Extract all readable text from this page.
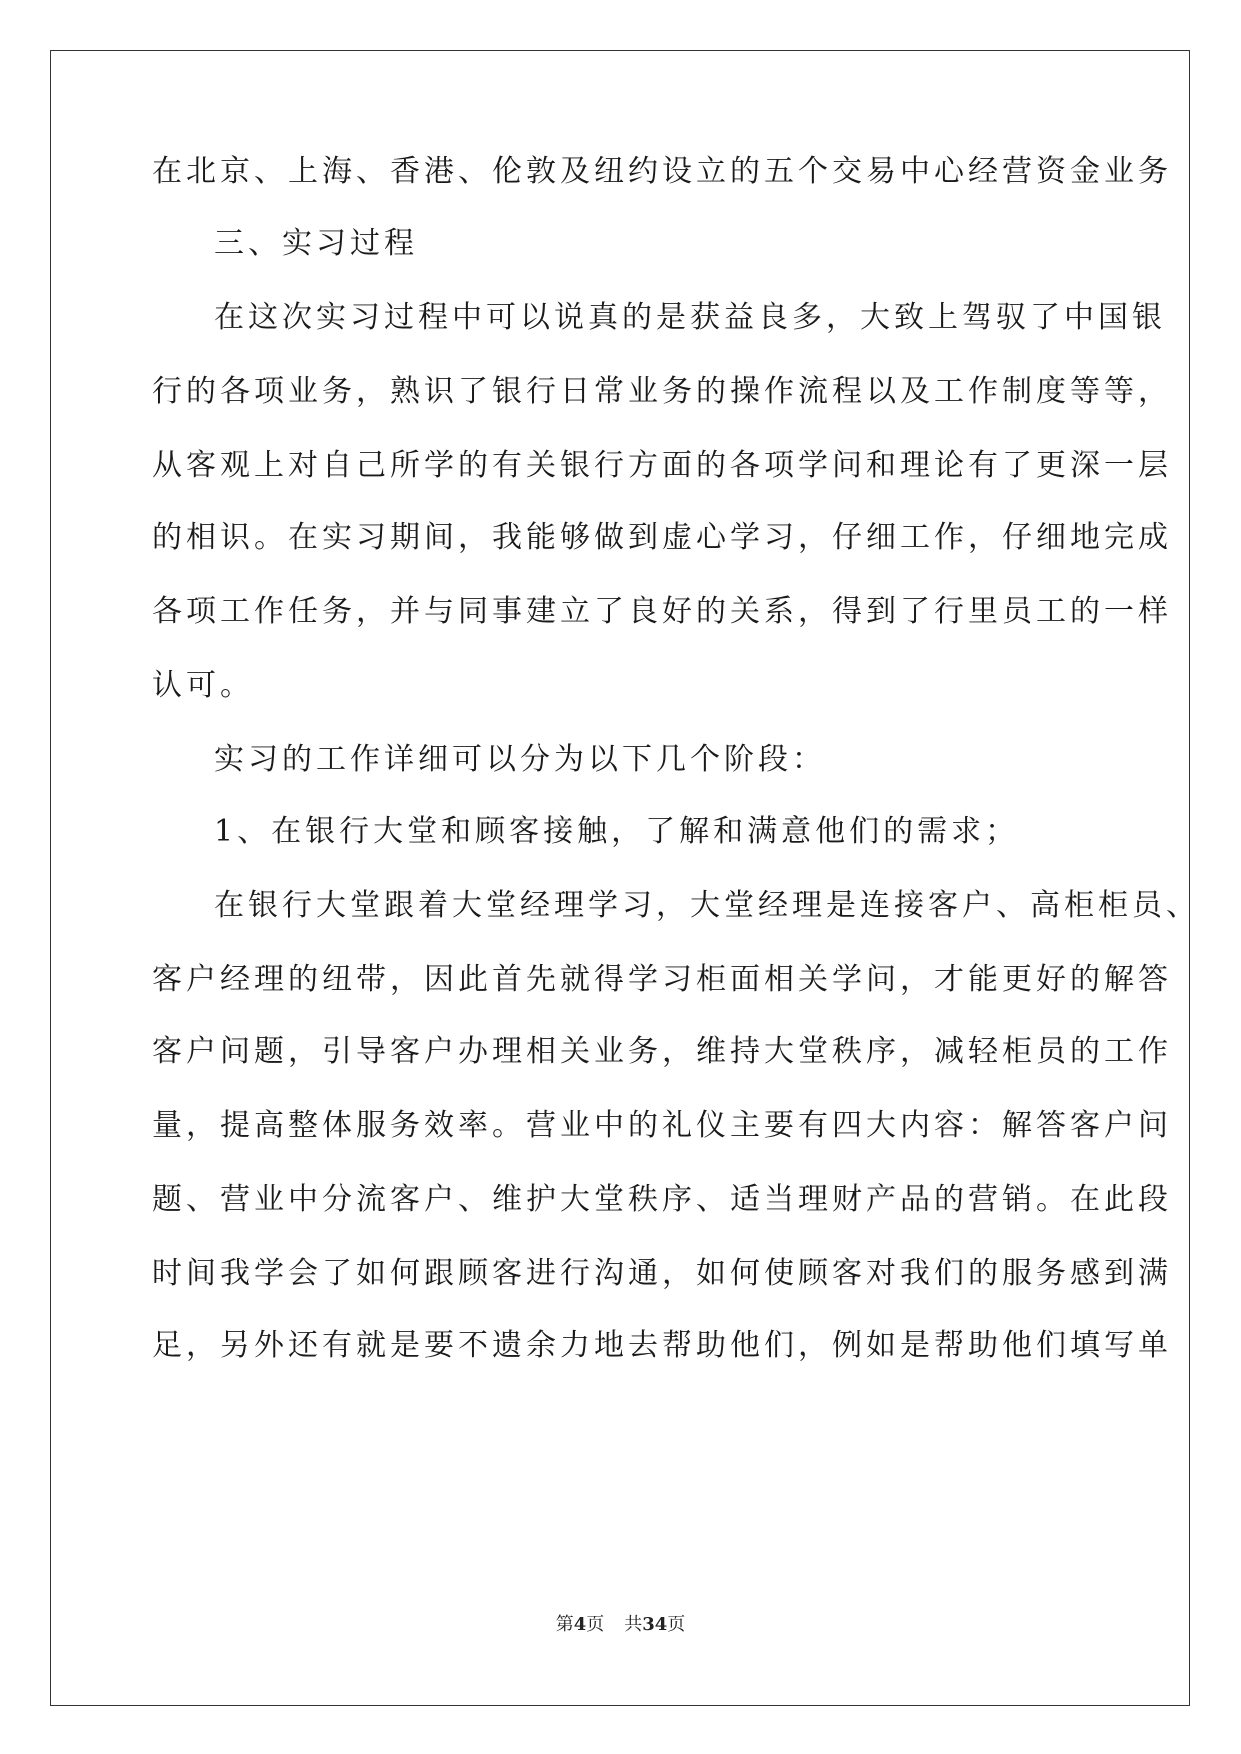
在北京、上海、香港、伦敦及纽约设立的五个交易中心经营资金业务
三、实习过程
在这次实习过程中可以说真的是获益良多，大致上驾驭了中国银
行的各项业务，熟识了银行日常业务的操作流程以及工作制度等等，
从客观上对自己所学的有关银行方面的各项学问和理论有了更深一层
的相识。在实习期间，我能够做到虚心学习，仔细工作，仔细地完成
各项工作任务，并与同事建立了良好的关系，得到了行里员工的一样
认可。
实习的工作详细可以分为以下几个阶段：
1、在银行大堂和顾客接触，了解和满意他们的需求；
在银行大堂跟着大堂经理学习，大堂经理是连接客户、高柜柜员、
客户经理的纽带，因此首先就得学习柜面相关学问，才能更好的解答
客户问题，引导客户办理相关业务，维持大堂秩序，减轻柜员的工作
量，提高整体服务效率。营业中的礼仪主要有四大内容：解答客户问
题、营业中分流客户、维护大堂秩序、适当理财产品的营销。在此段
时间我学会了如何跟顾客进行沟通，如何使顾客对我们的服务感到满
足，另外还有就是要不遗余力地去帮助他们，例如是帮助他们填写单
第4页 共34页
